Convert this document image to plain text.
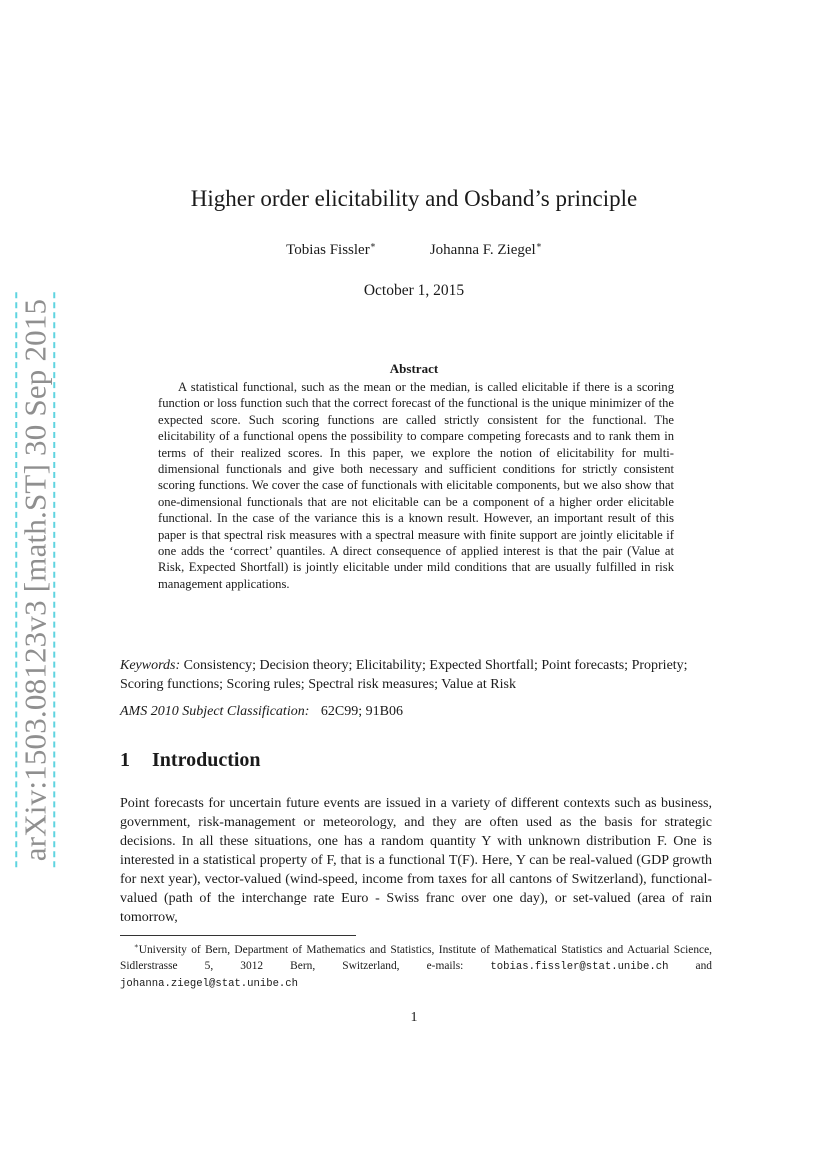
arXiv:1503.08123v3 [math.ST] 30 Sep 2015
Higher order elicitability and Osband’s principle
Tobias Fissler∗	Johanna F. Ziegel∗
October 1, 2015
Abstract

A statistical functional, such as the mean or the median, is called elicitable if there is a scoring function or loss function such that the correct forecast of the functional is the unique minimizer of the expected score. Such scoring functions are called strictly consistent for the functional. The elicitability of a functional opens the possibility to compare competing forecasts and to rank them in terms of their realized scores. In this paper, we explore the notion of elicitability for multi-dimensional functionals and give both necessary and sufficient conditions for strictly consistent scoring functions. We cover the case of functionals with elicitable components, but we also show that one-dimensional functionals that are not elicitable can be a component of a higher order elicitable functional. In the case of the variance this is a known result. However, an important result of this paper is that spectral risk measures with a spectral measure with finite support are jointly elicitable if one adds the ‘correct’ quantiles. A direct consequence of applied interest is that the pair (Value at Risk, Expected Shortfall) is jointly elicitable under mild conditions that are usually fulfilled in risk management applications.

Keywords: Consistency; Decision theory; Elicitability; Expected Shortfall; Point forecasts; Propriety; Scoring functions; Scoring rules; Spectral risk measures; Value at Risk

AMS 2010 Subject Classification: 62C99; 91B06

1 Introduction

Point forecasts for uncertain future events are issued in a variety of different contexts such as business, government, risk-management or meteorology, and they are often used as the basis for strategic decisions. In all these situations, one has a random quantity Y with unknown distribution F. One is interested in a statistical property of F, that is a functional T(F). Here, Y can be real-valued (GDP growth for next year), vector-valued (wind-speed, income from taxes for all cantons of Switzerland), functional-valued (path of the interchange rate Euro - Swiss franc over one day), or set-valued (area of rain tomorrow,

∗University of Bern, Department of Mathematics and Statistics, Institute of Mathematical Statistics and Actuarial Science, Sidlerstrasse 5, 3012 Bern, Switzerland, e-mails:	tobias.fissler@stat.unibe.ch and johanna.ziegel@stat.unibe.ch

1
